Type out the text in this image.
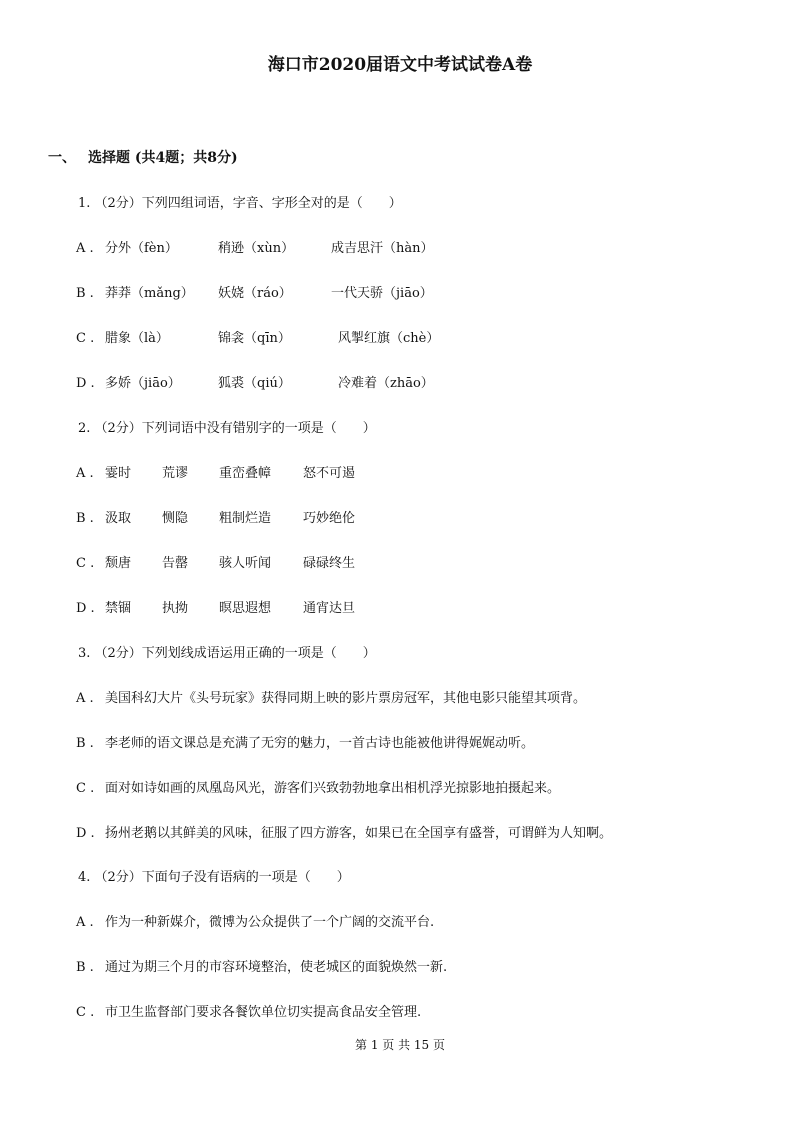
海口市2020届语文中考试试卷A卷
一、 选择题 (共4题；共8分)
1. （2分）下列四组词语，字音、字形全对的是（　　）
A . 分外（fèn）	稍逊（xùn）	成吉思汗（hàn）
B . 莽莽（mǎng） 妖娆（ráo）	一代天骄（jiāo）
C . 腊象（là）	锦衾（qīn）	风掣红旗（chè）
D . 多娇（jiāo）	狐裘（qiú）	冷难着（zhāo）
2. （2分）下列词语中没有错别字的一项是（　　）
A . 霎时 荒谬 重峦叠幛 怒不可遏
B . 汲取 恻隐 粗制烂造 巧妙绝伦
C . 颓唐 告罄 骇人听闻 碌碌终生
D . 禁锢 执拗 暝思遐想 通宵达旦
3. （2分）下列划线成语运用正确的一项是（　　）
A . 美国科幻大片《头号玩家》获得同期上映的影片票房冠军，其他电影只能望其项背。
B . 李老师的语文课总是充满了无穷的魅力，一首古诗也能被他讲得娓娓动听。
C . 面对如诗如画的凤凰岛风光，游客们兴致勃勃地拿出相机浮光掠影地拍摄起来。
D . 扬州老鹅以其鲜美的风味，征服了四方游客，如果已在全国享有盛誉，可谓鲜为人知啊。
4. （2分）下面句子没有语病的一项是（　　）
A . 作为一种新媒介，微博为公众提供了一个广阔的交流平台.
B . 通过为期三个月的市容环境整治，使老城区的面貌焕然一新.
C . 市卫生监督部门要求各餐饮单位切实提高食品安全管理.
第 1 页 共 15 页
